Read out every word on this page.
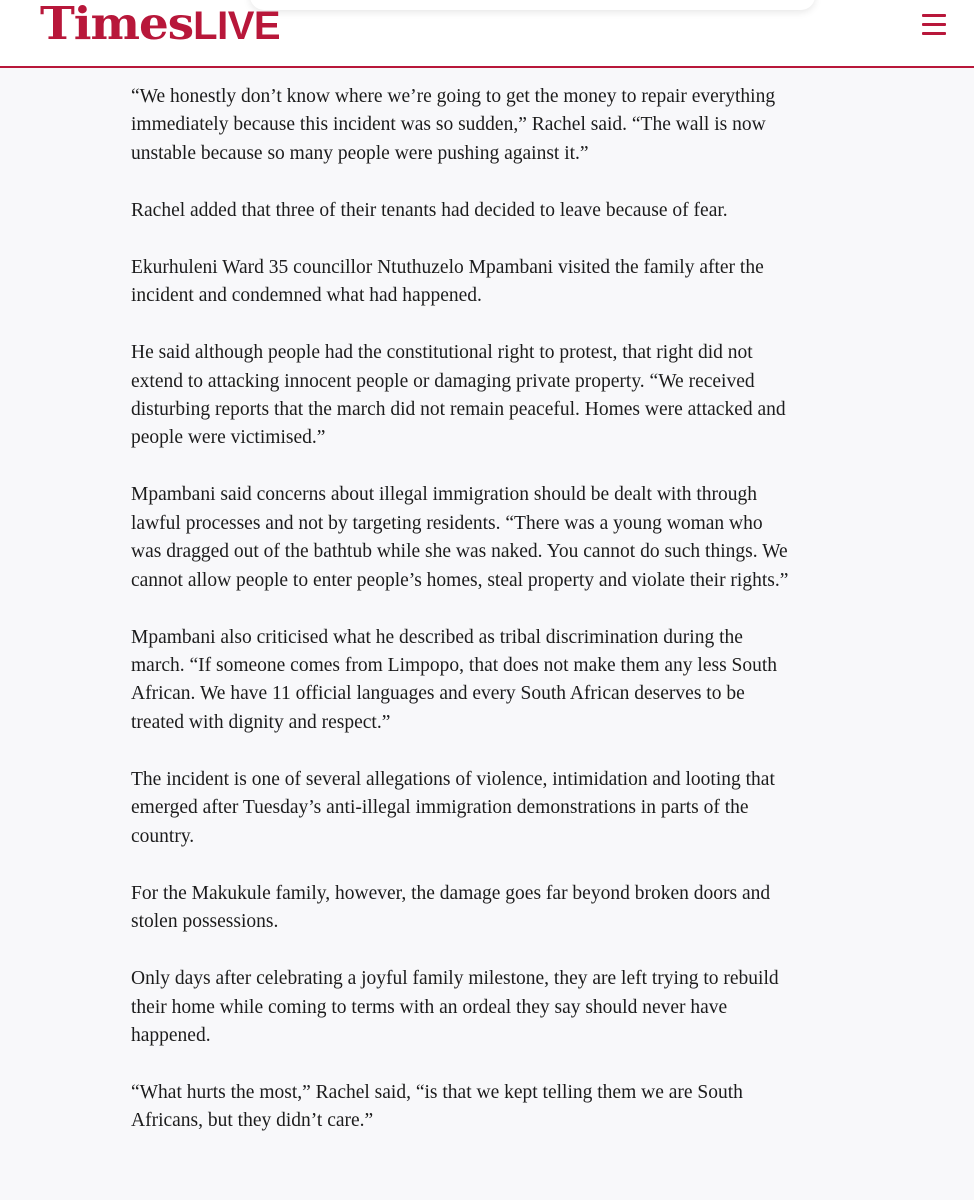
Times LIVE

“We honestly don’t know where we’re going to get the money to repair everything immediately because this incident was so sudden,” Rachel said. “The wall is now unstable because so many people were pushing against it.”

Rachel added that three of their tenants had decided to leave because of fear.

Ekurhuleni Ward 35 councillor Ntuthuzelo Mpambani visited the family after the incident and condemned what had happened.

He said although people had the constitutional right to protest, that right did not extend to attacking innocent people or damaging private property. “We received disturbing reports that the march did not remain peaceful. Homes were attacked and people were victimised.”

Mpambani said concerns about illegal immigration should be dealt with through lawful processes and not by targeting residents. “There was a young woman who was dragged out of the bathtub while she was naked. You cannot do such things. We cannot allow people to enter people’s homes, steal property and violate their rights.”

Mpambani also criticised what he described as tribal discrimination during the march. “If someone comes from Limpopo, that does not make them any less South African. We have 11 official languages and every South African deserves to be treated with dignity and respect.”

The incident is one of several allegations of violence, intimidation and looting that emerged after Tuesday’s anti-illegal immigration demonstrations in parts of the country.

For the Makukule family, however, the damage goes far beyond broken doors and stolen possessions.

Only days after celebrating a joyful family milestone, they are left trying to rebuild their home while coming to terms with an ordeal they say should never have happened.

“What hurts the most,” Rachel said, “is that we kept telling them we are South Africans, but they didn’t care.”
